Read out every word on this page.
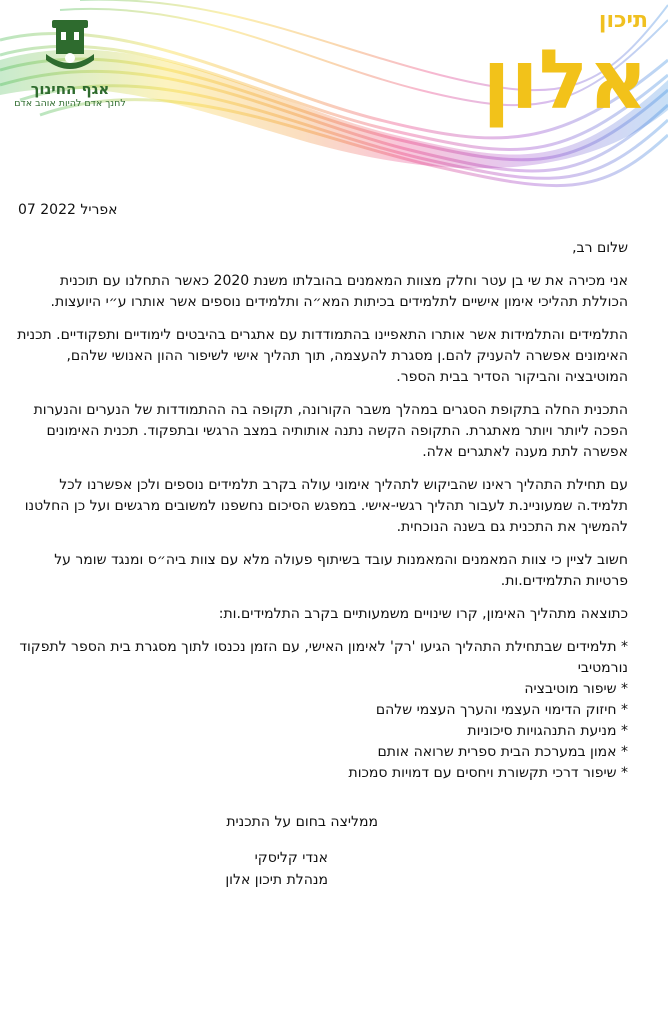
אגף החינוך
לחנך אדם להיות אוהב אדם
תיכון
אלון
07 אפריל 2022

שלום רב,

אני מכירה את שי בן עטר וחלק מצוות המאמנים בהובלתו משנת 2020 כאשר התחלנו עם תוכנית הכוללת תהליכי אימון אישיים לתלמידים בכיתות המא״ה ותלמידים נוספים אשר אותרו ע״י היועצות.

התלמידים והתלמידות אשר אותרו התאפיינו בהתמודדות עם אתגרים בהיבטים לימודיים ותפקודיים. תכנית האימונים אפשרה להעניק להם.ן מסגרת להעצמה, תוך תהליך אישי לשיפור ההון האנושי שלהם, המוטיבציה והביקור הסדיר בבית הספר.

התכנית החלה בתקופת הסגרים במהלך משבר הקורונה, תקופה בה ההתמודדות של הנערים והנערות הפכה ליותר ויותר מאתגרת. התקופה הקשה נתנה אותותיה במצב הרגשי ובתפקוד. תכנית האימונים אפשרה לתת מענה לאתגרים אלה.

עם תחילת התהליך ראינו שהביקוש לתהליך אימוני עולה בקרב תלמידים נוספים ולכן אפשרנו לכל תלמיד.ה שמעוניינ.ת לעבור תהליך רגשי-אישי. במפגש הסיכום נחשפנו למשובים מרגשים ועל כן החלטנו להמשיך את התכנית גם בשנה הנוכחית.

חשוב לציין כי צוות המאמנים והמאמנות עובד בשיתוף פעולה מלא עם צוות ביה״ס ומנגד שומר על פרטיות התלמידים.ות.

כתוצאה מתהליך האימון, קרו שינויים משמעותיים בקרב התלמידים.ות:

* תלמידים שבתחילת התהליך הגיעו 'רק' לאימון האישי, עם הזמן נכנסו לתוך מסגרת בית הספר לתפקוד נורמטיבי
* שיפור מוטיבציה
* חיזוק הדימוי העצמי והערך העצמי שלהם
* מניעת התנהגויות סיכוניות
* אמון במערכת הבית ספרית שרואה אותם
* שיפור דרכי תקשורת ויחסים עם דמויות סמכות
ממליצה בחום על התכנית
אנדי קליסקי
מנהלת תיכון אלון
